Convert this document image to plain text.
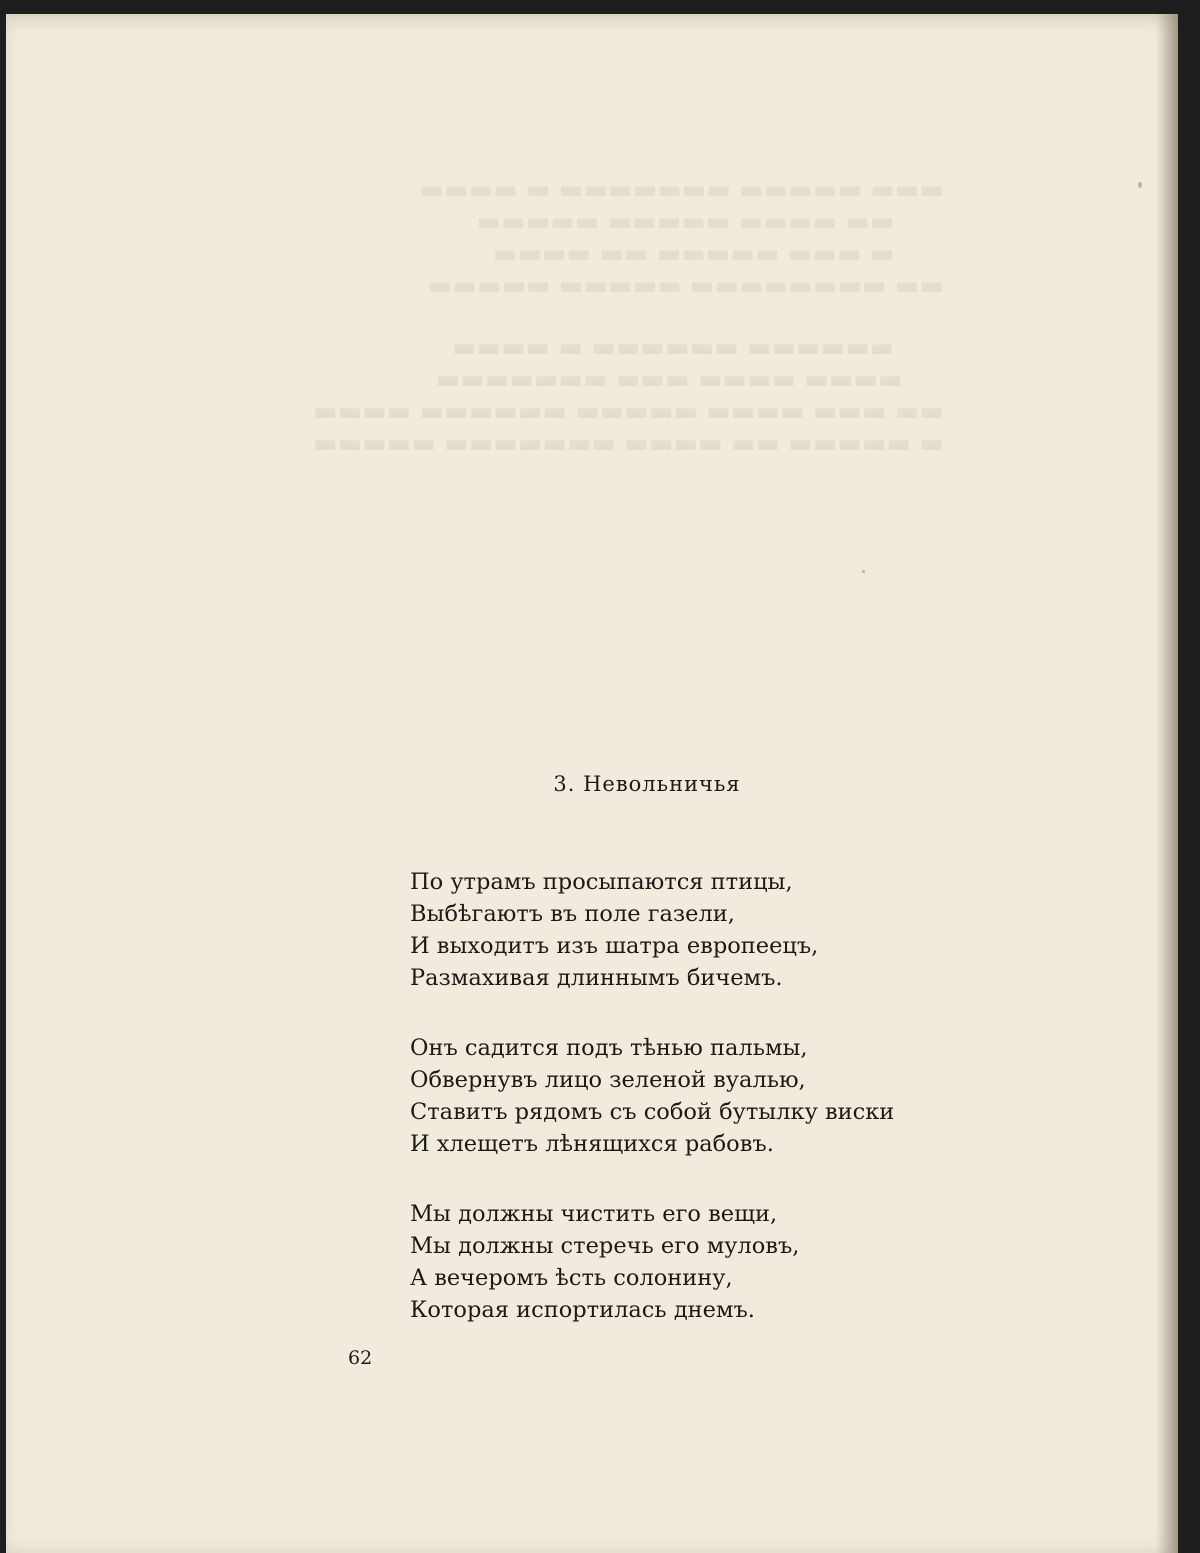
▬▬▬ ▬▬▬▬▬ ▬▬▬▬▬▬▬ ▬ ▬▬▬▬
▬▬ ▬▬▬▬ ▬▬▬▬▬ ▬▬▬▬▬
▬ ▬▬▬ ▬▬▬▬▬ ▬▬ ▬▬▬▬
▬▬ ▬▬▬▬▬▬▬▬ ▬▬▬▬▬ ▬▬▬▬▬
▬▬▬▬▬▬ ▬▬▬▬▬▬ ▬ ▬▬▬▬
▬▬▬▬ ▬▬▬▬ ▬▬▬ ▬▬▬▬▬▬▬
▬▬ ▬▬▬ ▬▬▬▬ ▬▬▬▬▬ ▬▬▬▬▬▬ ▬▬▬▬
▬ ▬▬▬▬▬ ▬▬ ▬▬▬▬ ▬▬▬▬▬▬▬ ▬▬▬▬▬
3. Невольничья
По утрамъ просыпаются птицы,
Выбѣгаютъ въ поле газели,
И выходитъ изъ шатра европеецъ,
Размахивая длиннымъ бичемъ.
Онъ садится подъ тѣнью пальмы,
Обвернувъ лицо зеленой вуалью,
Ставитъ рядомъ съ собой бутылку виски
И хлещетъ лѣнящихся рабовъ.
Мы должны чистить его вещи,
Мы должны стеречь его муловъ,
А вечеромъ ѣсть солонину,
Которая испортилась днемъ.
62
